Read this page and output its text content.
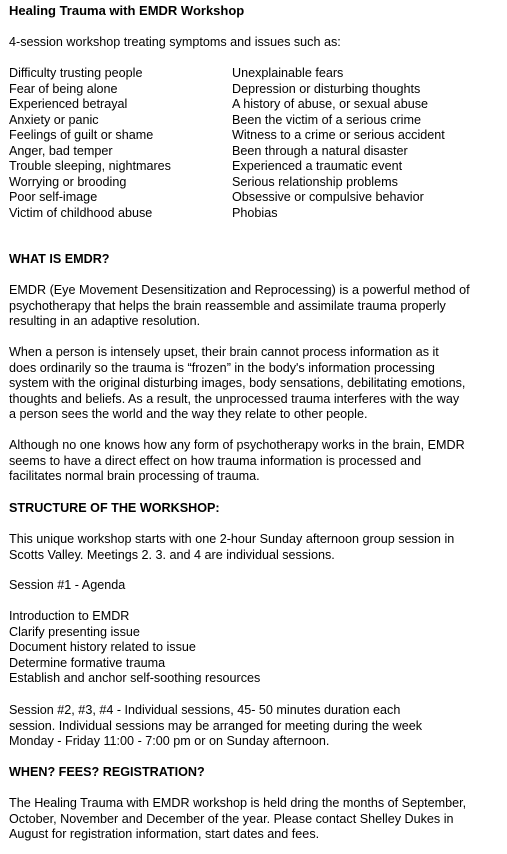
Healing Trauma with EMDR Workshop
4-session workshop treating symptoms and issues such as:
Difficulty trusting people
Fear of being alone
Experienced betrayal
Anxiety or panic
Feelings of guilt or shame
Anger, bad temper
Trouble sleeping, nightmares
Worrying or brooding
Poor self-image
Victim of childhood abuse
Unexplainable fears
Depression or disturbing thoughts
A history of abuse, or sexual abuse
Been the victim of a serious crime
Witness to a crime or serious accident
Been through a natural disaster
Experienced a traumatic event
Serious relationship problems
Obsessive or compulsive behavior
Phobias
WHAT IS EMDR?
EMDR (Eye Movement Desensitization and Reprocessing) is a powerful method of
psychotherapy that helps the brain reassemble and assimilate trauma properly
resulting in an adaptive resolution.
When a person is intensely upset, their brain cannot process information as it
does ordinarily so the trauma is “frozen” in the body's information processing
system with the original disturbing images, body sensations, debilitating emotions,
thoughts and beliefs. As a result, the unprocessed trauma interferes with the way
a person sees the world and the way they relate to other people.
Although no one knows how any form of psychotherapy works in the brain, EMDR
seems to have a direct effect on how trauma information is processed and
facilitates normal brain processing of trauma.
STRUCTURE OF THE WORKSHOP:
This unique workshop starts with one 2-hour Sunday afternoon group session in
Scotts Valley. Meetings 2. 3. and 4 are individual sessions.
Session #1 - Agenda
Introduction to EMDR
Clarify presenting issue
Document history related to issue
Determine formative trauma
Establish and anchor self-soothing resources
Session #2, #3, #4 - Individual sessions, 45- 50 minutes duration each
session. Individual sessions may be arranged for meeting during the week
Monday - Friday 11:00 - 7:00 pm or on Sunday afternoon.
WHEN? FEES? REGISTRATION?
The Healing Trauma with EMDR workshop is held dring the months of September,
October, November and December of the year. Please contact Shelley Dukes in
August for registration information, start dates and fees.
